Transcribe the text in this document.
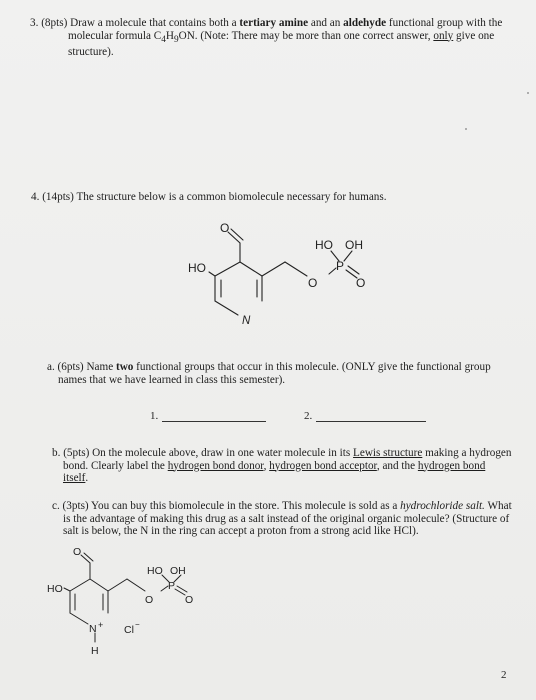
3. (8pts) Draw a molecule that contains both a tertiary amine and an aldehyde functional group with the
molecular formula $C_4H_9ON$. (Note: There may be more than one correct answer, only give one
structure).
4. (14pts) The structure below is a common biomolecule necessary for humans.
O
HO
N
O
P
O
HO OH
O
HO
N +
H
Cl −
O
P
O
HO OH
a. (6pts) Name two functional groups that occur in this molecule. (ONLY give the functional group
names that we have learned in class this semester).
1.	2.
b. (5pts) On the molecule above, draw in one water molecule in its Lewis structure making a hydrogen
bond. Clearly label the hydrogen bond donor, hydrogen bond acceptor, and the hydrogen bond itself.
c. (3pts) You can buy this biomolecule in the store. This molecule is sold as a hydrochloride salt. What
is the advantage of making this drug as a salt instead of the original organic molecule? (Structure of
salt is below, the N in the ring can accept a proton from a strong acid like HCl).
2
